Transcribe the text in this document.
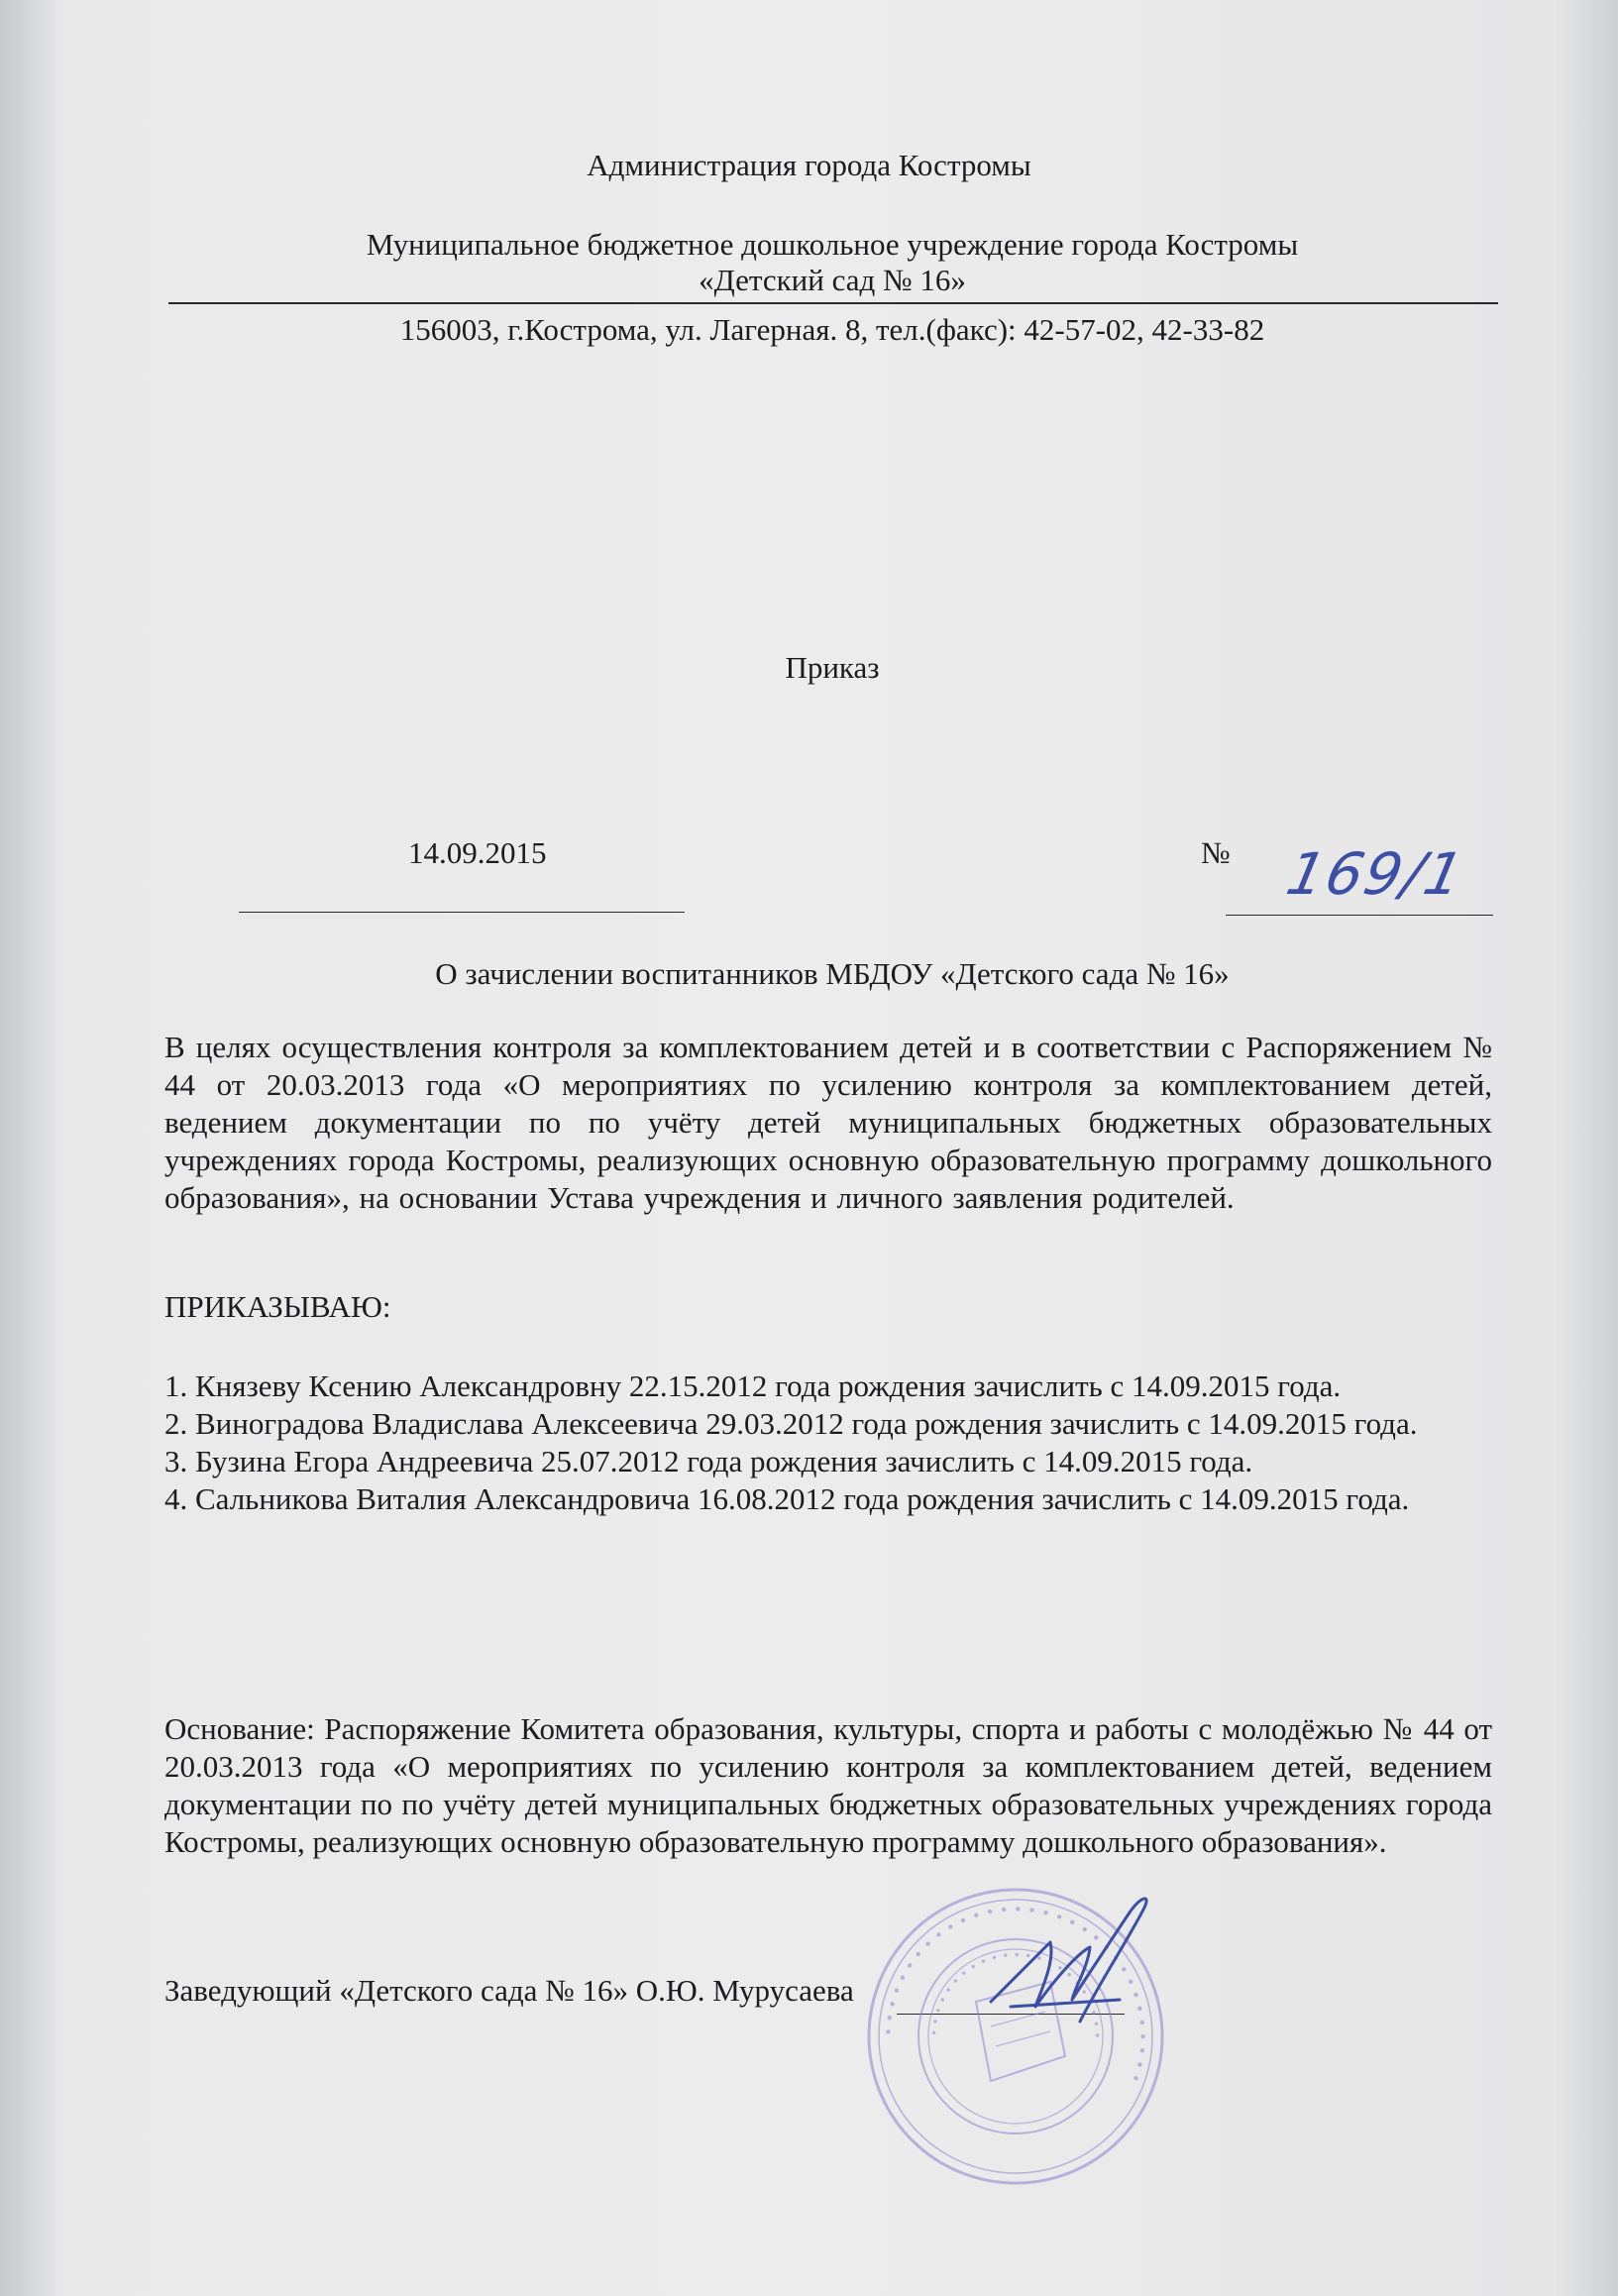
Администрация города Костромы
Муниципальное бюджетное дошкольное учреждение города Костромы
«Детский сад № 16»
156003, г.Кострома, ул. Лагерная. 8, тел.(факс): 42-57-02, 42-33-82
Приказ
14.09.2015	№ 169/1
О зачислении воспитанников МБДОУ «Детского сада № 16»
В целях осуществления контроля за комплектованием детей и в соответствии с Распоряжением № 44 от 20.03.2013 года «О мероприятиях по усилению контроля за комплектованием детей, ведением документации по по учёту детей муниципальных бюджетных образовательных учреждениях города Костромы, реализующих основную образовательную программу дошкольного образования», на основании Устава учреждения и личного заявления родителей.
ПРИКАЗЫВАЮ:
1. Князеву Ксению Александровну 22.15.2012 года рождения зачислить с 14.09.2015 года.
2. Виноградова Владислава Алексеевича 29.03.2012 года рождения зачислить с 14.09.2015 года.
3. Бузина Егора Андреевича 25.07.2012 года рождения зачислить с 14.09.2015 года.
4. Сальникова Виталия Александровича 16.08.2012 года рождения зачислить с 14.09.2015 года.
Основание: Распоряжение Комитета образования, культуры, спорта и работы с молодёжью № 44 от 20.03.2013 года «О мероприятиях по усилению контроля за комплектованием детей, ведением документации по по учёту детей муниципальных бюджетных образовательных учреждениях города Костромы, реализующих основную образовательную программу дошкольного образования».
Заведующий «Детского сада № 16» О.Ю. Мурусаева
• • • • • • • • • • • • • • • • • • • • • • • • • • • • • • • •
• • • • • • • • • • • • • • • • • • • • • • •
